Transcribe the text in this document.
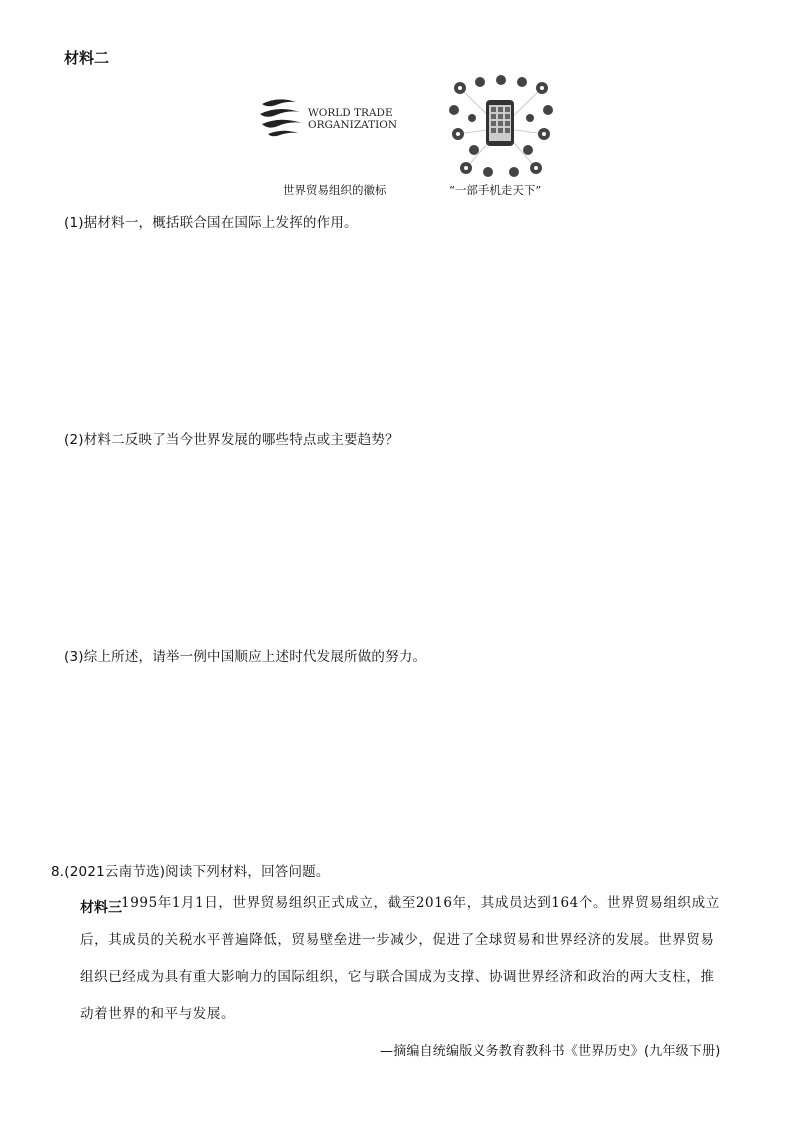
材料二
WORLD TRADE
ORGANIZATION
世界贸易组织的徽标	“一部手机走天下”
(1)据材料一，概括联合国在国际上发挥的作用。
(2)材料二反映了当今世界发展的哪些特点或主要趋势？
(3)综上所述，请举一例中国顺应上述时代发展所做的努力。
8.(2021云南节选)阅读下列材料，回答问题。
材料三 1995年1月1日，世界贸易组织正式成立，截至2016年，其成员达到164个。世界贸易组织成立
后，其成员的关税水平普遍降低，贸易壁垒进一步减少，促进了全球贸易和世界经济的发展。世界贸易
组织已经成为具有重大影响力的国际组织，它与联合国成为支撑、协调世界经济和政治的两大支柱，推
动着世界的和平与发展。
—摘编自统编版义务教育教科书《世界历史》(九年级下册)
